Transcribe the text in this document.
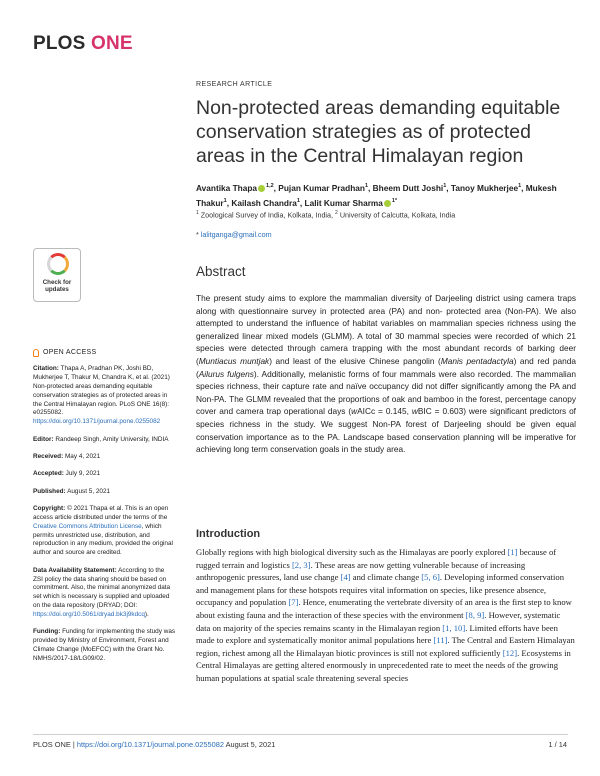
PLOS ONE
RESEARCH ARTICLE
Non-protected areas demanding equitable conservation strategies as of protected areas in the Central Himalayan region
Avantika Thapa $^{1,2}$, Pujan Kumar Pradhan$^1$, Bheem Dutt Joshi$^1$, Tanoy Mukherjee$^1$, Mukesh Thakur$^1$, Kailash Chandra$^1$, Lalit Kumar Sharma $^{1*}$
$^1$ Zoological Survey of India, Kolkata, India, $^2$ University of Calcutta, Kolkata, India
* lalitganga@gmail.com
Check for
updates
Abstract
The present study aims to explore the mammalian diversity of Darjeeling district using camera traps along with questionnaire survey in protected area (PA) and non- protected area (Non-PA). We also attempted to understand the influence of habitat variables on mammalian species richness using the generalized linear mixed models (GLMM). A total of 30 mammal species were recorded of which 21 species were detected through camera trapping with the most abundant records of barking deer (Muntiacus muntjak) and least of the elusive Chinese pangolin (Manis pentadactyla) and red panda (Ailurus fulgens). Additionally, melanistic forms of four mammals were also recorded. The mammalian species richness, their capture rate and naïve occupancy did not differ significantly among the PA and Non-PA. The GLMM revealed that the proportions of oak and bamboo in the forest, percentage canopy cover and camera trap operational days (wAICc = 0.145, wBIC = 0.603) were significant predictors of species richness in the study. We suggest Non-PA forest of Darjeeling should be given equal conservation importance as to the PA. Landscape based conservation planning will be imperative for achieving long term conservation goals in the study area.
Introduction
Globally regions with high biological diversity such as the Himalayas are poorly explored [1] because of rugged terrain and logistics [2, 3]. These areas are now getting vulnerable because of increasing anthropogenic pressures, land use change [4] and climate change [5, 6]. Developing informed conservation and management plans for these hotspots requires vital information on species, like presence absence, occupancy and population [7]. Hence, enumerating the vertebrate diversity of an area is the first step to know about existing fauna and the interaction of these species with the environment [8, 9]. However, systematic data on majority of the species remains scanty in the Himalayan region [1, 10]. Limited efforts have been made to explore and systematically monitor animal populations here [11]. The Central and Eastern Himalayan region, richest among all the Himalayan biotic provinces is still not explored sufficiently [12]. Ecosystems in Central Himalayas are getting altered enormously in unprecedented rate to meet the needs of the growing human populations at spatial scale threatening several species
OPEN ACCESS
Citation: Thapa A, Pradhan PK, Joshi BD, Mukherjee T, Thakur M, Chandra K, et al. (2021) Non-protected areas demanding equitable conservation strategies as of protected areas in the Central Himalayan region. PLoS ONE 16(8): e0255082. https://doi.org/10.1371/journal.pone.0255082
Editor: Randeep Singh, Amity University, INDIA
Received: May 4, 2021
Accepted: July 9, 2021
Published: August 5, 2021
Copyright: © 2021 Thapa et al. This is an open access article distributed under the terms of the Creative Commons Attribution License, which permits unrestricted use, distribution, and reproduction in any medium, provided the original author and source are credited.
Data Availability Statement: According to the ZSI policy the data sharing should be based on commitment. Also, the minimal anonymized data set which is necessary is supplied and uploaded on the data repository (DRYAD; DOI: https://doi.org/10.5061/dryad.bk3j9kdcq).
Funding: Funding for implementing the study was provided by Ministry of Environment, Forest and Climate Change (MoEFCC) with the Grant No. NMHS/2017-18/LG09/02.
PLOS ONE | https://doi.org/10.1371/journal.pone.0255082 August 5, 2021	1 / 14
